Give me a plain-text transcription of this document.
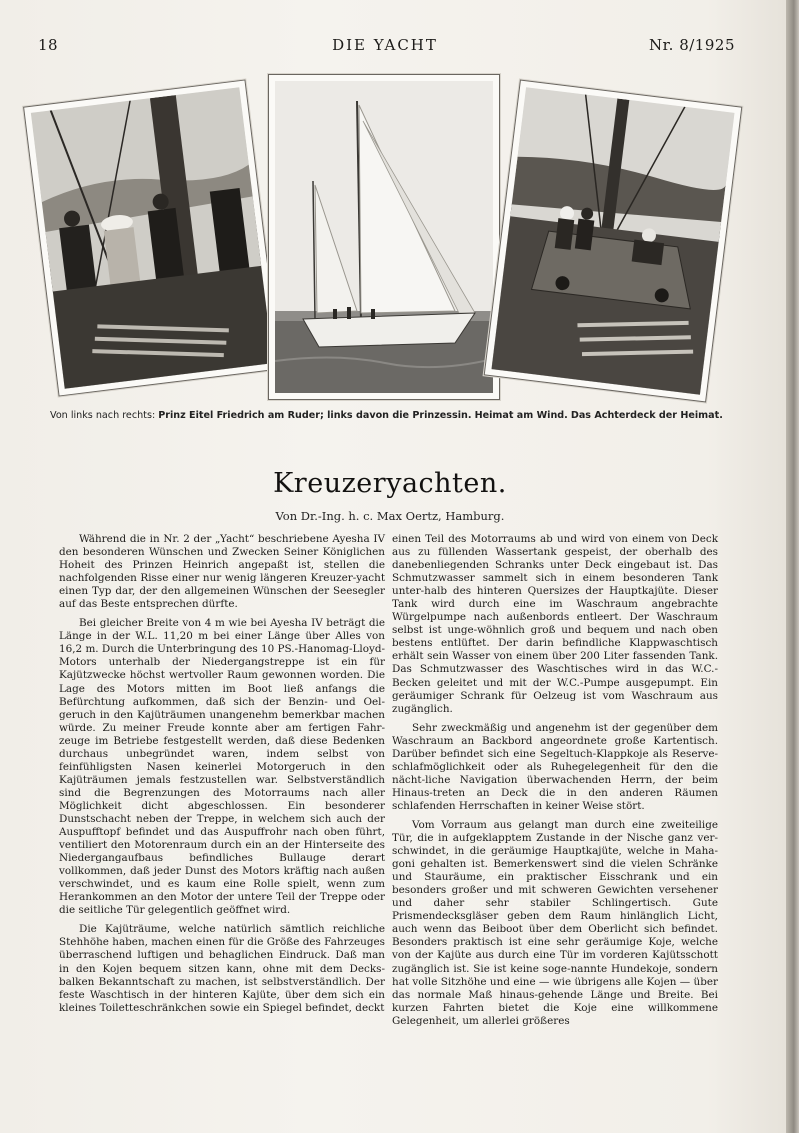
18	DIE YACHT	Nr. 8/1925
Von links nach rechts: Prinz Eitel Friedrich am Ruder; links davon die Prinzessin. Heimat am Wind. Das Achterdeck der Heimat.
Kreuzeryachten.
Von Dr.-Ing. h. c. Max Oertz, Hamburg.

Während die in Nr. 2 der „Yacht“ beschriebene Ayesha IV den besonderen Wünschen und Zwecken Seiner Königlichen Hoheit des Prinzen Heinrich angepaßt ist, stellen die nachfolgenden Risse einer nur wenig längeren Kreuzer-yacht einen Typ dar, der den allgemeinen Wünschen der Seesegler auf das Beste entsprechen dürfte.

Bei gleicher Breite von 4 m wie bei Ayesha IV beträgt die Länge in der W.L. 11,20 m bei einer Länge über Alles von 16,2 m. Durch die Unterbringung des 10 PS.-Hanomag-Lloyd-Motors unterhalb der Niedergangstreppe ist ein für Kajützwecke höchst wertvoller Raum gewonnen worden. Die Lage des Motors mitten im Boot ließ anfangs die Befürchtung aufkommen, daß sich der Benzin- und Oel-geruch in den Kajüträumen unangenehm bemerkbar machen würde. Zu meiner Freude konnte aber am fertigen Fahr-zeuge im Betriebe festgestellt werden, daß diese Bedenken durchaus unbegründet waren, indem selbst von feinfühligsten Nasen keinerlei Motorgeruch in den Kajüträumen jemals festzustellen war. Selbstverständlich sind die Begrenzungen des Motorraums nach aller Möglichkeit dicht abgeschlossen. Ein besonderer Dunstschacht neben der Treppe, in welchem sich auch der Auspufftopf befindet und das Auspuffrohr nach oben führt, ventiliert den Motorenraum durch ein an der Hinterseite des Niedergangaufbaus befindliches Bullauge derart vollkommen, daß jeder Dunst des Motors kräftig nach außen verschwindet, und es kaum eine Rolle spielt, wenn zum Herankommen an den Motor der untere Teil der Treppe oder die seitliche Tür gelegentlich geöffnet wird.

Die Kajüträume, welche natürlich sämtlich reichliche Stehhöhe haben, machen einen für die Größe des Fahrzeuges überraschend luftigen und behaglichen Eindruck. Daß man in den Kojen bequem sitzen kann, ohne mit dem Decks-balken Bekanntschaft zu machen, ist selbstverständlich. Der feste Waschtisch in der hinteren Kajüte, über dem sich ein kleines Toiletteschränkchen sowie ein Spiegel befindet, deckt

einen Teil des Motorraums ab und wird von einem von Deck aus zu füllenden Wassertank gespeist, der oberhalb des danebenliegenden Schranks unter Deck eingebaut ist. Das Schmutzwasser sammelt sich in einem besonderen Tank unter-halb des hinteren Quersizes der Hauptkajüte. Dieser Tank wird durch eine im Waschraum angebrachte Würgelpumpe nach außenbords entleert. Der Waschraum selbst ist unge-wöhnlich groß und bequem und nach oben bestens entlüftet. Der darin befindliche Klappwaschtisch erhält sein Wasser von einem über 200 Liter fassenden Tank. Das Schmutzwasser des Waschtisches wird in das W.C.-Becken geleitet und mit der W.C.-Pumpe ausgepumpt. Ein geräumiger Schrank für Oelzeug ist vom Waschraum aus zugänglich.

Sehr zweckmäßig und angenehm ist der gegenüber dem Waschraum an Backbord angeordnete große Kartentisch. Darüber befindet sich eine Segeltuch-Klappkoje als Reserve-schlafmöglichkeit oder als Ruhegelegenheit für den die nächt-liche Navigation überwachenden Herrn, der beim Hinaus-treten an Deck die in den anderen Räumen schlafenden Herrschaften in keiner Weise stört.

Vom Vorraum aus gelangt man durch eine zweiteilige Tür, die in aufgeklapptem Zustande in der Nische ganz ver-schwindet, in die geräumige Hauptkajüte, welche in Maha-goni gehalten ist. Bemerkenswert sind die vielen Schränke und Stauräume, ein praktischer Eisschrank und ein besonders großer und mit schweren Gewichten versehener und daher sehr stabiler Schlingertisch. Gute Prismendecksgläser geben dem Raum hinlänglich Licht, auch wenn das Beiboot über dem Oberlicht sich befindet. Besonders praktisch ist eine sehr geräumige Koje, welche von der Kajüte aus durch eine Tür im vorderen Kajütsschott zugänglich ist. Sie ist keine soge-nannte Hundekoje, sondern hat volle Sitzhöhe und eine — wie übrigens alle Kojen — über das normale Maß hinaus-gehende Länge und Breite. Bei kurzen Fahrten bietet die Koje eine willkommene Gelegenheit, um allerlei größeres
